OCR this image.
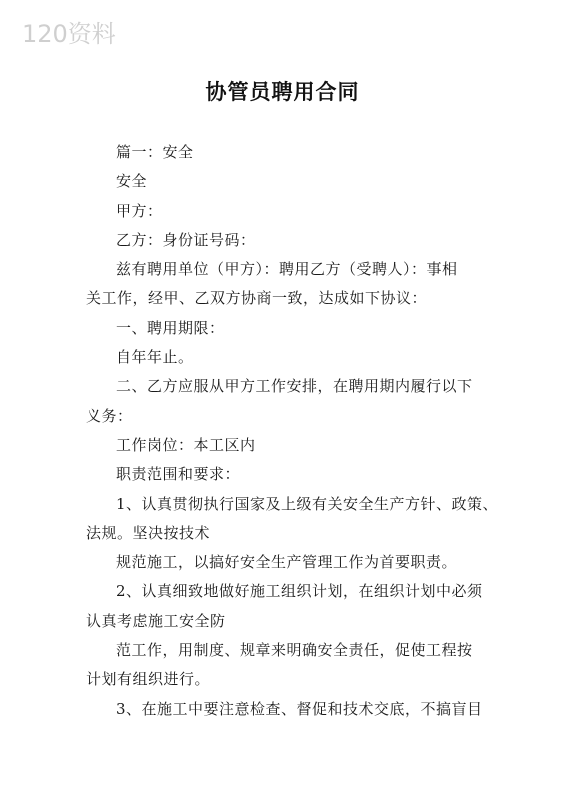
120资料
协管员聘用合同
篇一：安全
安全
甲方：
乙方：身份证号码：
兹有聘用单位（甲方）：聘用乙方（受聘人）：事相
关工作，经甲、乙双方协商一致，达成如下协议：
一、聘用期限：
自年年止。
二、乙方应服从甲方工作安排，在聘用期内履行以下
义务：
工作岗位：本工区内
职责范围和要求：
1、认真贯彻执行国家及上级有关安全生产方针、政策、
法规。坚决按技术
规范施工，以搞好安全生产管理工作为首要职责。
2、认真细致地做好施工组织计划，在组织计划中必须
认真考虑施工安全防
范工作，用制度、规章来明确安全责任，促使工程按
计划有组织进行。
3、在施工中要注意检查、督促和技术交底，不搞盲目
